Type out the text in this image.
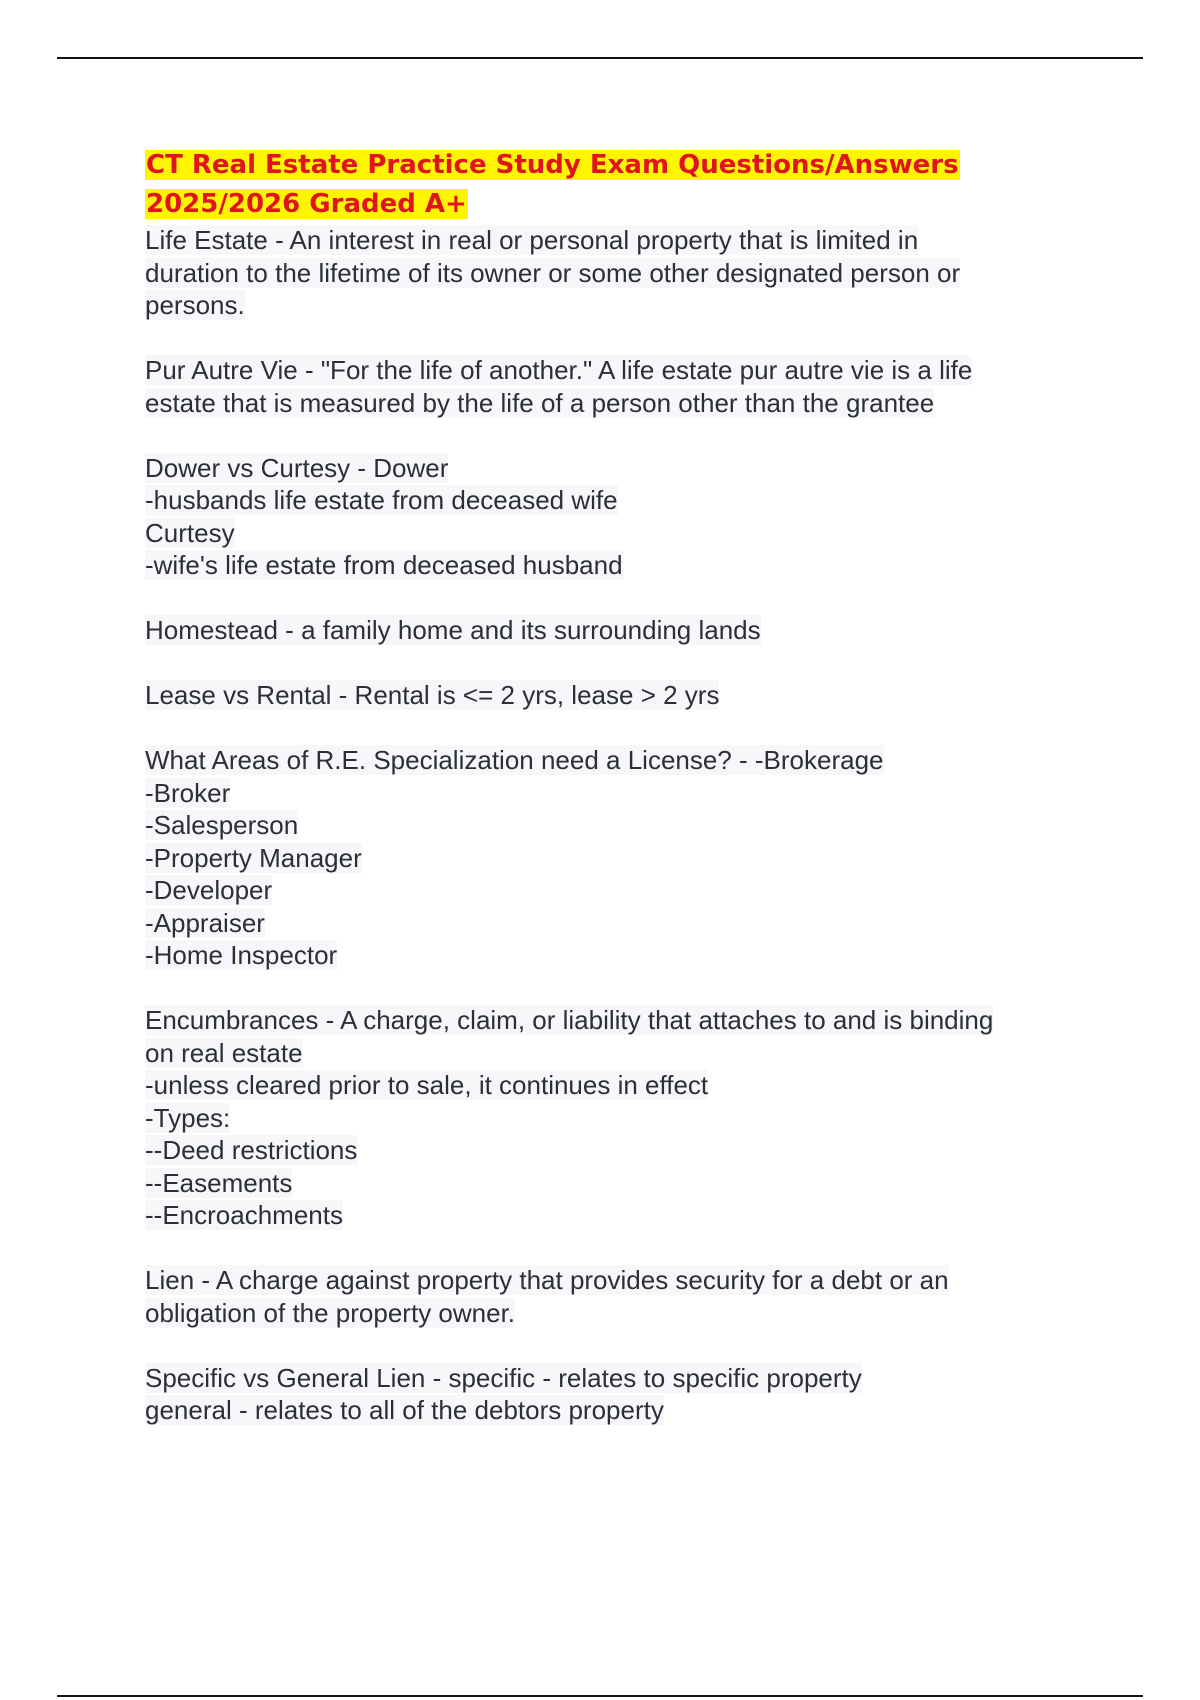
CT Real Estate Practice Study Exam Questions/Answers
2025/2026 Graded A+
Life Estate - An interest in real or personal property that is limited in
duration to the lifetime of its owner or some other designated person or
persons.
Pur Autre Vie - "For the life of another." A life estate pur autre vie is a life
estate that is measured by the life of a person other than the grantee
Dower vs Curtesy - Dower
-husbands life estate from deceased wife
Curtesy
-wife's life estate from deceased husband
Homestead - a family home and its surrounding lands
Lease vs Rental - Rental is <= 2 yrs, lease > 2 yrs
What Areas of R.E. Specialization need a License? - -Brokerage
-Broker
-Salesperson
-Property Manager
-Developer
-Appraiser
-Home Inspector
Encumbrances - A charge, claim, or liability that attaches to and is binding
on real estate
-unless cleared prior to sale, it continues in effect
-Types:
--Deed restrictions
--Easements
--Encroachments
Lien - A charge against property that provides security for a debt or an
obligation of the property owner.
Specific vs General Lien - specific - relates to specific property
general - relates to all of the debtors property
